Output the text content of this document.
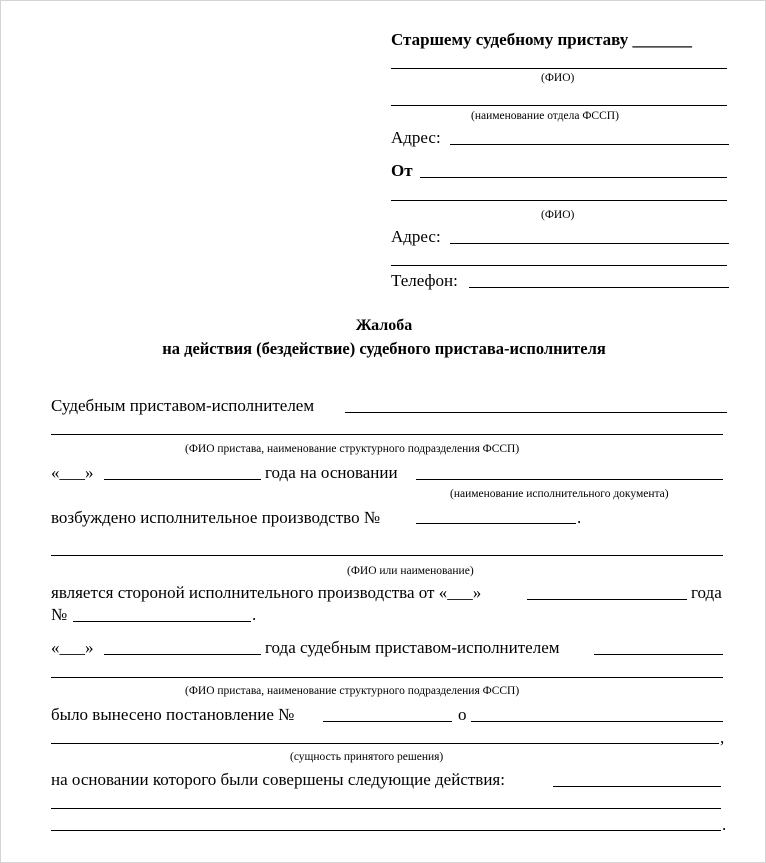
Старшему судебному приставу _______
(ФИО)
(наименование отдела ФССП)
Адрес:
От
(ФИО)
Адрес:
Телефон:
Жалоба
на действия (бездействие) судебного пристава-исполнителя
Судебным приставом-исполнителем
(ФИО пристава, наименование структурного подразделения ФССП)
«___»	года на основании
(наименование исполнительного документа)
возбуждено исполнительное производство №	.
(ФИО или наименование)
является стороной исполнительного производства от «___»	года
№	.
«___»	года судебным приставом-исполнителем
(ФИО пристава, наименование структурного подразделения ФССП)
было вынесено постановление №	о
,
(сущность принятого решения)
на основании которого были совершены следующие действия:
.
